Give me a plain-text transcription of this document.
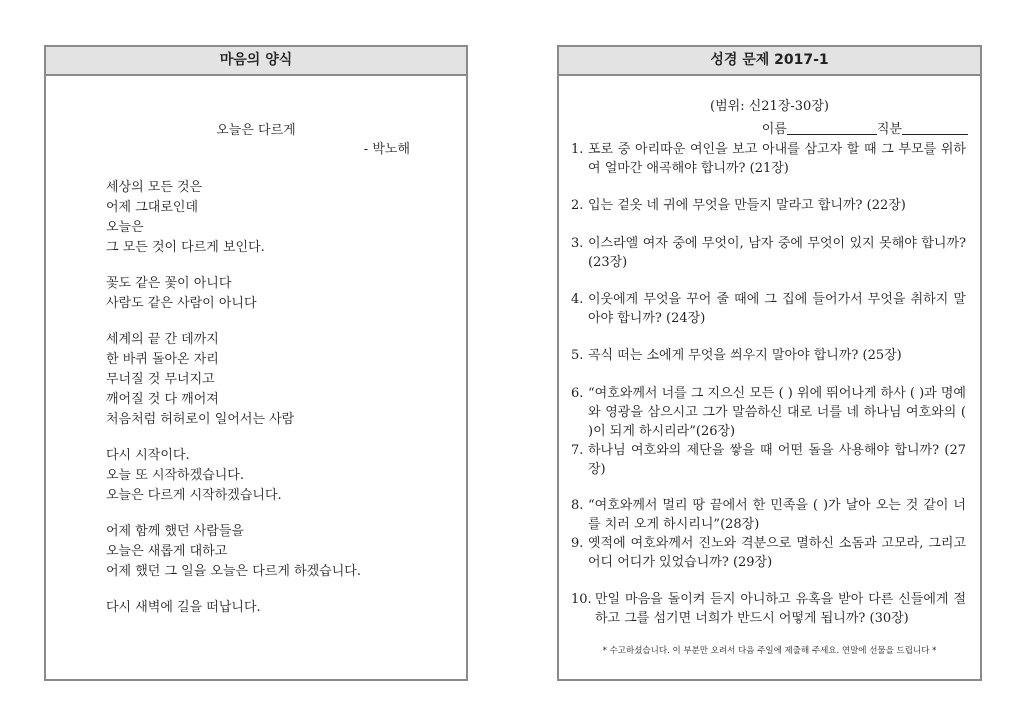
마음의 양식
오늘은 다르게
- 박노해
세상의 모든 것은
어제 그대로인데
오늘은
그 모든 것이 다르게 보인다.
꽃도 같은 꽃이 아니다
사람도 같은 사람이 아니다
세계의 끝 간 데까지
한 바퀴 돌아온 자리
무너질 것 무너지고
깨어질 것 다 깨어져
처음처럼 허허로이 일어서는 사람
다시 시작이다.
오늘 또 시작하겠습니다.
오늘은 다르게 시작하겠습니다.
어제 함께 했던 사람들을
오늘은 새롭게 대하고
어제 했던 그 일을 오늘은 다르게 하겠습니다.
다시 새벽에 길을 떠납니다.
성경 문제 2017-1
(범위: 신21장-30장)
이름	직분
1. 포로 중 아리따운 여인을 보고 아내를 삼고자 할 때 그 부모를 위하여 얼마간 애곡해야 합니까? (21장)
2. 입는 겉옷 네 귀에 무엇을 만들지 말라고 합니까? (22장)
3. 이스라엘 여자 중에 무엇이, 남자 중에 무엇이 있지 못해야 합니까? (23장)
4. 이웃에게 무엇을 꾸어 줄 때에 그 집에 들어가서 무엇을 취하지 말아야 합니까? (24장)
5. 곡식 떠는 소에게 무엇을 씌우지 말아야 합니까? (25장)
6. “여호와께서 너를 그 지으신 모든 ( ) 위에 뛰어나게 하사 ( )과 명예와 영광을 삼으시고 그가 말씀하신 대로 너를 네 하나님 여호와의 ( )이 되게 하시리라”(26장)
7. 하나님 여호와의 제단을 쌓을 때 어떤 돌을 사용해야 합니까? (27장)
8. “여호와께서 멀리 땅 끝에서 한 민족을 ( )가 날아 오는 것 같이 너를 치러 오게 하시리니”(28장)
9. 옛적에 여호와께서 진노와 격분으로 멸하신 소돔과 고모라, 그리고 어디 어디가 있었습니까? (29장)
10. 만일 마음을 돌이켜 듣지 아니하고 유혹을 받아 다른 신들에게 절하고 그를 섬기면 너희가 반드시 어떻게 됩니까? (30장)
* 수고하셨습니다. 이 부분만 오려서 다음 주일에 제출해 주세요. 연말에 선물을 드립니다 *
